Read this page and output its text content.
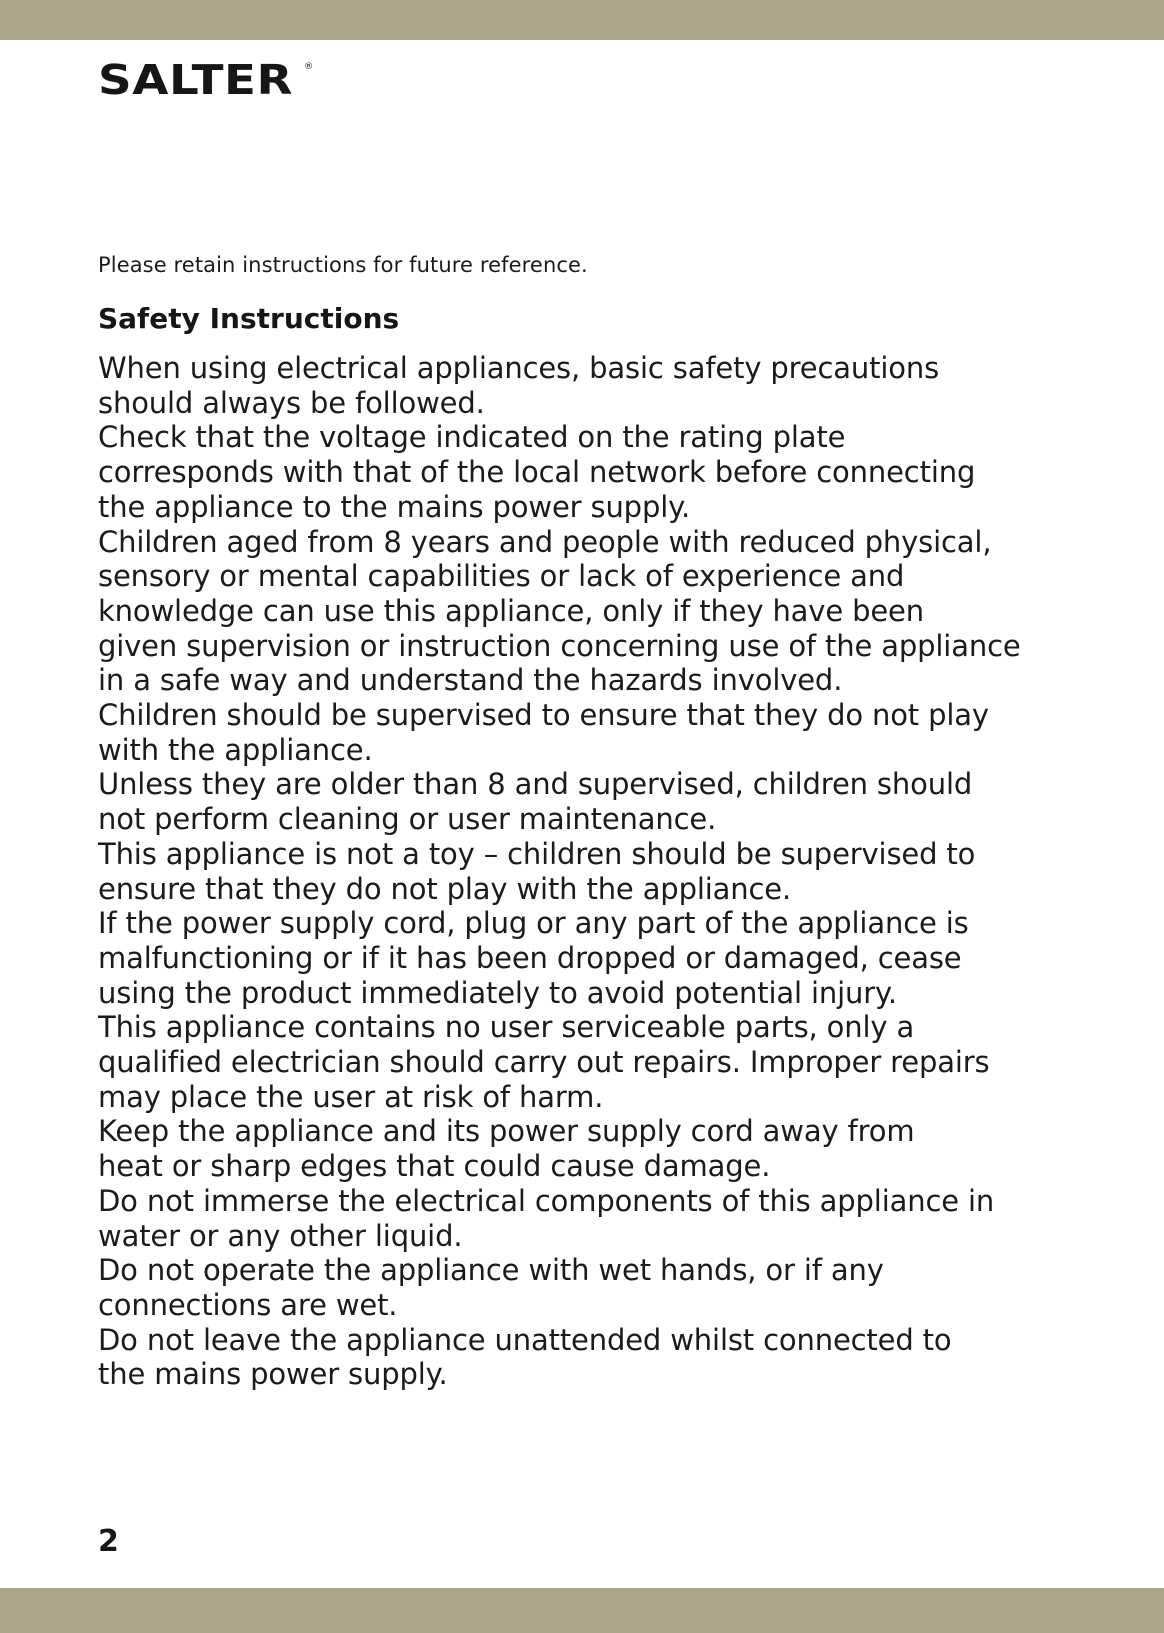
SALTER ®
Please retain instructions for future reference.
Safety Instructions

When using electrical appliances, basic safety precautions
should always be followed.

Check that the voltage indicated on the rating plate
corresponds with that of the local network before connecting
the appliance to the mains power supply.

Children aged from 8 years and people with reduced physical,
sensory or mental capabilities or lack of experience and
knowledge can use this appliance, only if they have been
given supervision or instruction concerning use of the appliance
in a safe way and understand the hazards involved.

Children should be supervised to ensure that they do not play
with the appliance.

Unless they are older than 8 and supervised, children should
not perform cleaning or user maintenance.

This appliance is not a toy – children should be supervised to
ensure that they do not play with the appliance.

If the power supply cord, plug or any part of the appliance is
malfunctioning or if it has been dropped or damaged, cease
using the product immediately to avoid potential injury.

This appliance contains no user serviceable parts, only a
qualified electrician should carry out repairs. Improper repairs
may place the user at risk of harm.

Keep the appliance and its power supply cord away from
heat or sharp edges that could cause damage.

Do not immerse the electrical components of this appliance in
water or any other liquid.

Do not operate the appliance with wet hands, or if any
connections are wet.

Do not leave the appliance unattended whilst connected to
the mains power supply.

2
